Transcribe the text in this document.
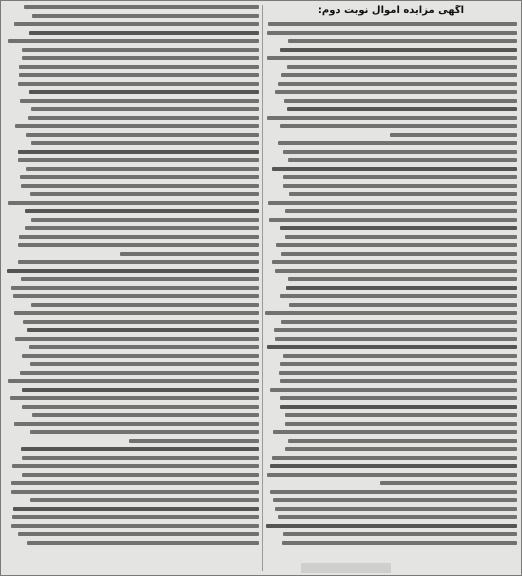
آگهی مزایده اموال نوبت دوم:
